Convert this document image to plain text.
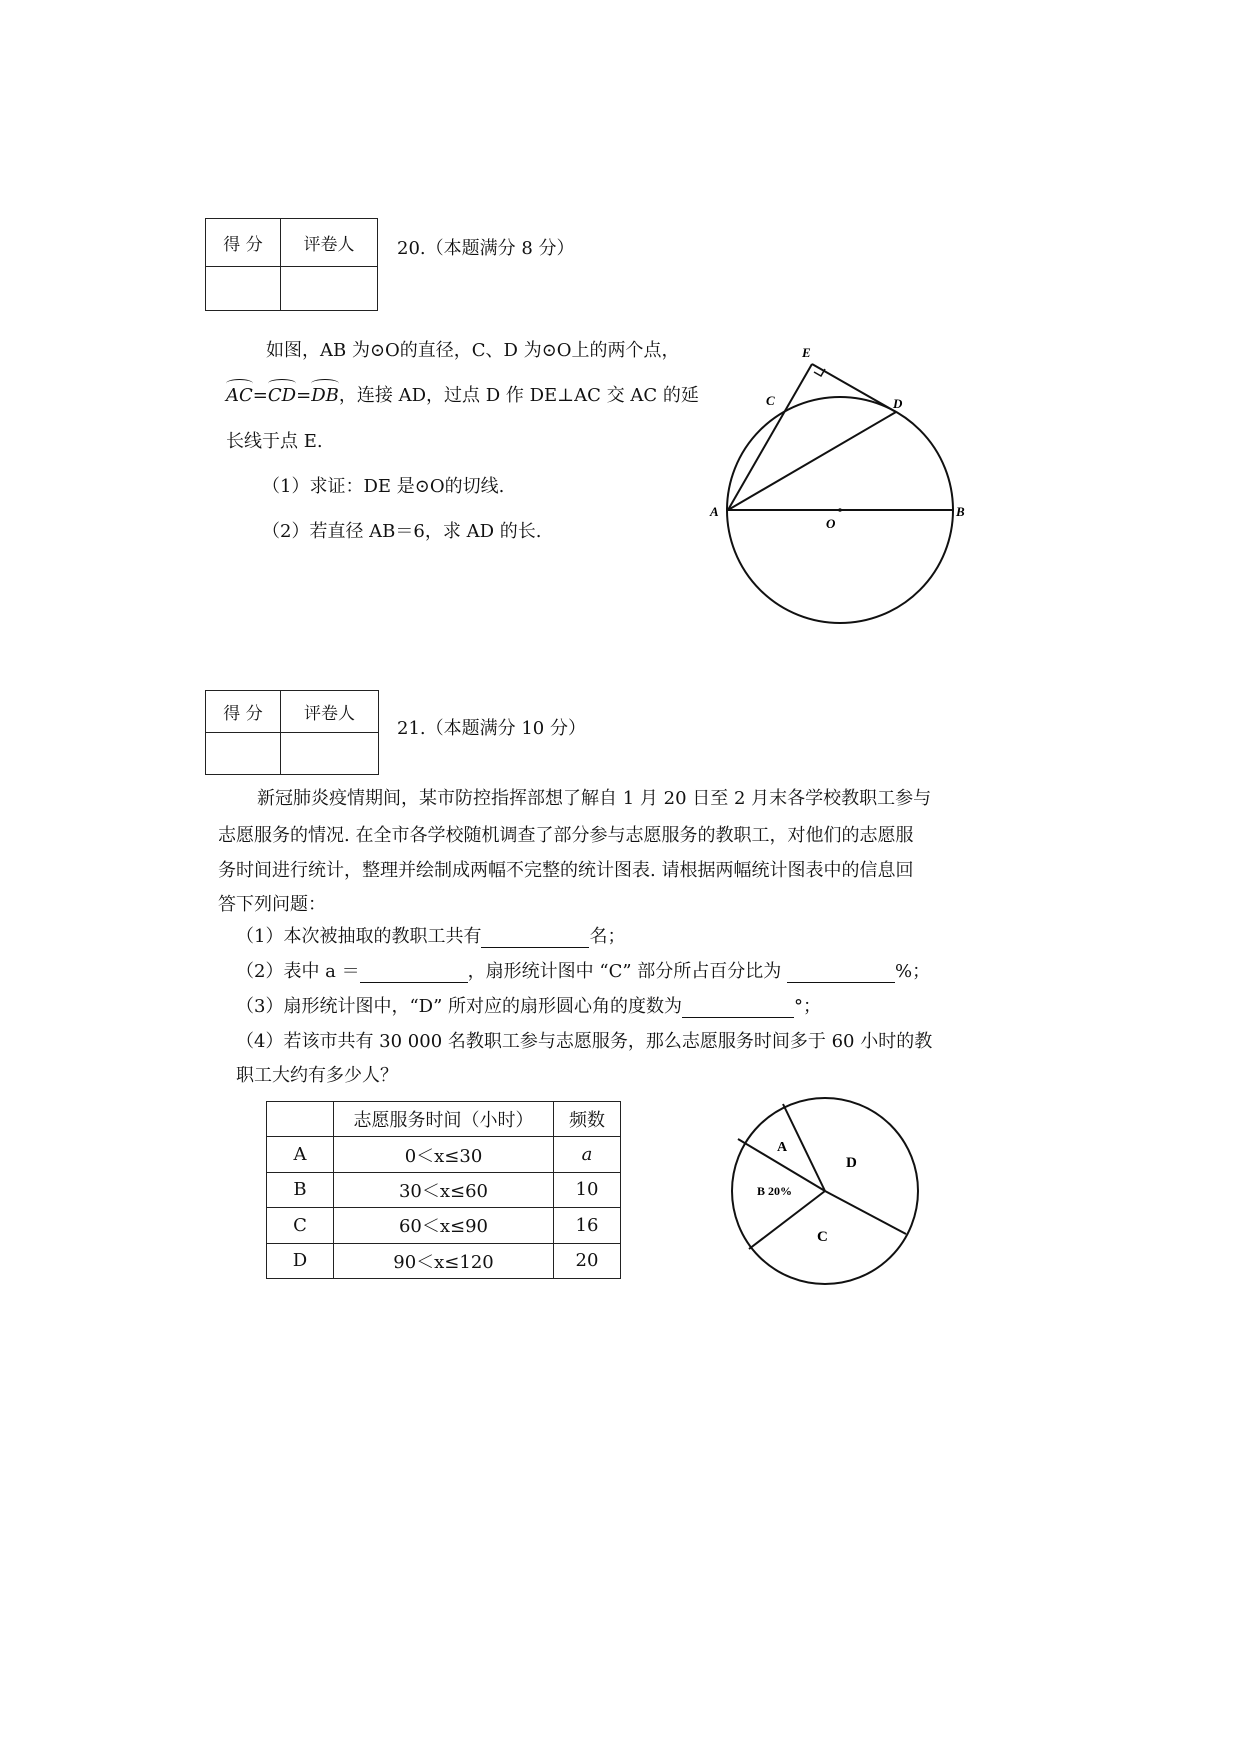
得 分	评卷人
	20.（本题满分 8 分）
如图，AB 为⊙O的直径，C、D 为⊙O上的两个点，
AC=CD=DB，连接 AD，过点 D 作 DE⊥AC 交 AC 的延
长线于点 E.
（1）求证：DE 是⊙O的切线.
（2）若直径 AB＝6，求 AD 的长.
E
C	D
A
O
B
A
D
B 20%
C
得 分	评卷人

21.（本题满分 10 分）
新冠肺炎疫情期间，某市防控指挥部想了解自 1 月 20 日至 2 月末各学校教职工参与
志愿服务的情况. 在全市各学校随机调查了部分参与志愿服务的教职工，对他们的志愿服
务时间进行统计，整理并绘制成两幅不完整的统计图表. 请根据两幅统计图表中的信息回
答下列问题：
（1）本次被抽取的教职工共有	名；
（2）表中 a ＝	，扇形统计图中 “C” 部分所占百分比为	%；
（3）扇形统计图中，“D” 所对应的扇形圆心角的度数为	°；
（4）若该市共有 30 000 名教职工参与志愿服务，那么志愿服务时间多于 60 小时的教
职工大约有多少人？
	志愿服务时间（小时）	频数
A	0＜x≤30	a
B	30＜x≤60	10
C	60＜x≤90	16
D	90＜x≤120	20
